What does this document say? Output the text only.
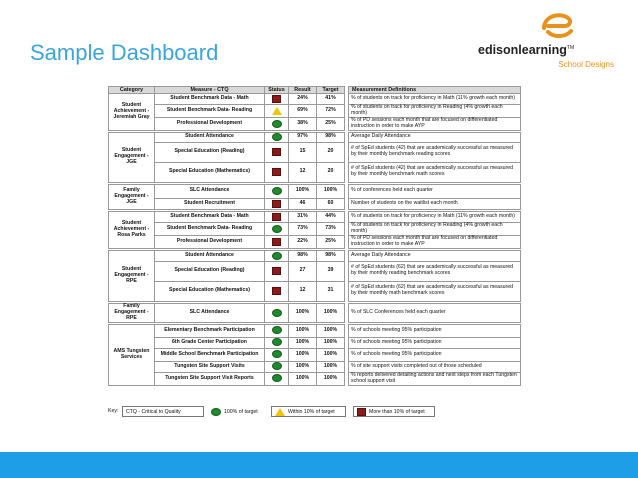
Sample Dashboard	edisonlearning™
School Designs
Category	Measure - CTQ	Status	Result	Target		Measurement Definitions
Student Achievement - Jeremiah Gray	Student Benchmark Data - Math		24%	41%		% of students on track for proficiency in Math (11% growth each month)
	Student Benchmark Data- Reading		69%	72%		% of students on track for proficiency in Reading (4% growth each month)
	Professional Development		38%	25%		% of PD sessions each month that are focused on differentiated instruction in order to make AYP

Student Engagement - JGE	Student Attendance		97%	98%		Average Daily Attendance
	Special Education (Reading)		15	20		# of SpEd students (42) that are academically successful as measured by their monthly benchmark reading scores
	Special Education (Mathematics)		12	20		# of SpEd students (42) that are academically successful as measured by their monthly benchmark math scores

Family Engagement - JGE	SLC Attendance		100%	100%		% of conferences held each quarter
	Student Recruitment		46	60		Number of students on the waitlist each month

Student Achievement - Rosa Parks	Student Benchmark Data - Math		31%	44%		% of students on track for proficiency in Math (11% growth each month)
	Student Benchmark Data- Reading		73%	73%		% of students on track for proficiency in Reading (4% growth each month)
	Professional Development		22%	25%		% of PD sessions each month that are focused on differentiated instruction in order to make AYP

Student Engagement - RPE	Student Attendance		98%	98%		Average Daily Attendance
	Special Education (Reading)		27	39		# of SpEd students (62) that are academically successful as measured by their monthly reading benchmark scores
	Special Education (Mathematics)		12	31		# of SpEd students (62) that are academically successful as measured by their monthly math benchmark scores

Family Engagement - RPE	SLC Attendance		100%	100%		% of SLC Conferences held each quarter

AMS Tungsten Services	Elementary Benchmark Participation		100%	100%		% of schools meeting 95% participation
	6th Grade Center Participation		100%	100%		% of schools meeting 95% participation
	Middle School Benchmark Participation		100%	100%		% of schools meeting 95% participation
	Tungsten Site Support Visits		100%	100%		% of site support visits completed out of those scheduled
	Tungsten Site Support Visit Reports		100%	100%		% reports delivered detailing actions and next steps from each Tungsten school support visit
Key: CTQ - Critical to Quality	100% of target	Within 10% of target	More than 10% of target
